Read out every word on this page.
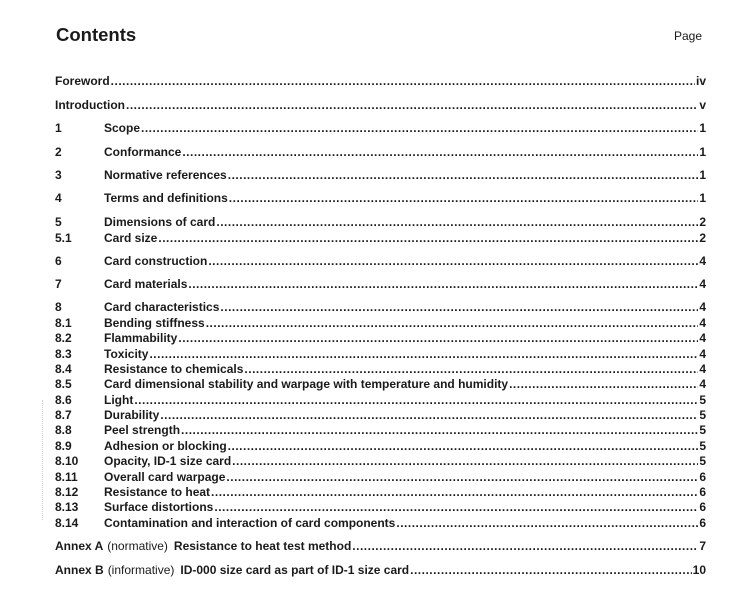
Contents	Page
Foreword .....	iv
Introduction .....	v
1	Scope .....	1
2	Conformance .....	1
3	Normative references .....	1
4	Terms and definitions .....	1
5	Dimensions of card .....	2
5.1	Card size .....	2
6	Card construction .....	4
7	Card materials .....	4
8	Card characteristics .....	4
8.1	Bending stiffness .....	4
8.2	Flammability .....	4
8.3	Toxicity .....	4
8.4	Resistance to chemicals .....	4
8.5	Card dimensional stability and warpage with temperature and humidity .....	4
8.6	Light .....	5
8.7	Durability .....	5
8.8	Peel strength .....	5
8.9	Adhesion or blocking .....	5
8.10	Opacity, ID-1 size card .....	5
8.11	Overall card warpage .....	6
8.12	Resistance to heat .....	6
8.13	Surface distortions .....	6
8.14	Contamination and interaction of card components .....	6
Annex A (normative) Resistance to heat test method .....	7
Annex B (informative) ID-000 size card as part of ID-1 size card .....	10
